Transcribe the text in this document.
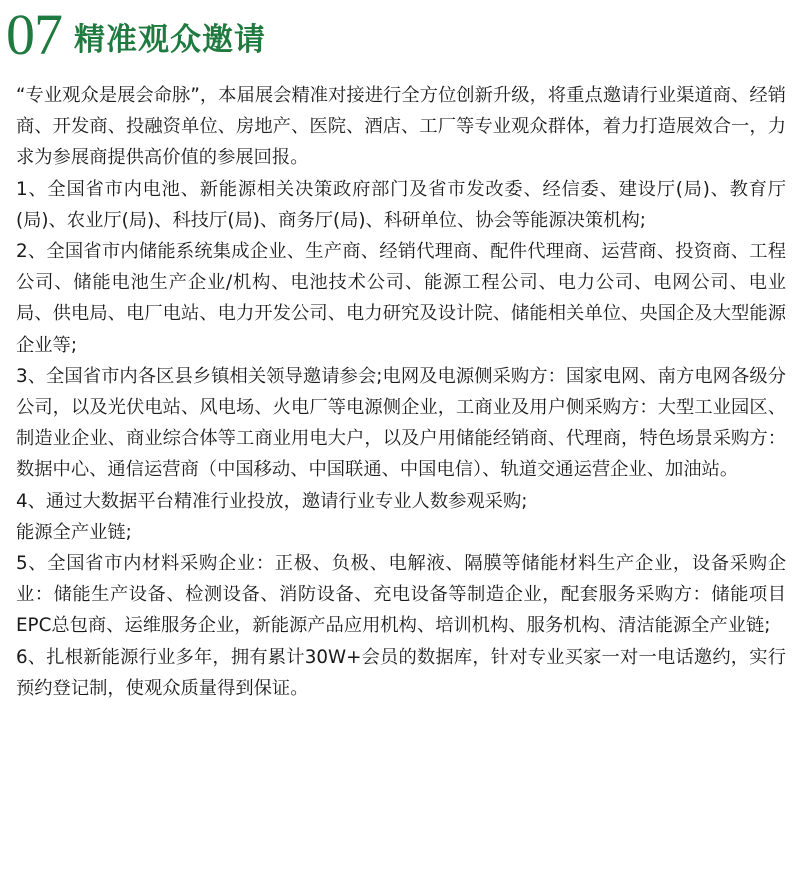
07 精准观众邀请

“专业观众是展会命脉”，本届展会精准对接进行全方位创新升级，将重点邀请行业渠道商、经销商、开发商、投融资单位、房地产、医院、酒店、工厂等专业观众群体，着力打造展效合一，力求为参展商提供高价值的参展回报。

1、全国省市内电池、新能源相关决策政府部门及省市发改委、经信委、建设厅(局)、教育厅(局)、农业厅(局)、科技厅(局)、商务厅(局)、科研单位、协会等能源决策机构;

2、全国省市内储能系统集成企业、生产商、经销代理商、配件代理商、运营商、投资商、工程公司、储能电池生产企业/机构、电池技术公司、能源工程公司、电力公司、电网公司、电业局、供电局、电厂电站、电力开发公司、电力研究及设计院、储能相关单位、央国企及大型能源企业等;

3、全国省市内各区县乡镇相关领导邀请参会;电网及电源侧采购方：国家电网、南方电网各级分公司，以及光伏电站、风电场、火电厂等电源侧企业，工商业及用户侧采购方：大型工业园区、制造业企业、商业综合体等工商业用电大户，以及户用储能经销商、代理商，特色场景采购方：数据中心、通信运营商（中国移动、中国联通、中国电信）、轨道交通运营企业、加油站。

4、通过大数据平台精准行业投放，邀请行业专业人数参观采购;

能源全产业链;

5、全国省市内材料采购企业：正极、负极、电解液、隔膜等储能材料生产企业，设备采购企业：储能生产设备、检测设备、消防设备、充电设备等制造企业，配套服务采购方：储能项目EPC总包商、运维服务企业，新能源产品应用机构、培训机构、服务机构、清洁能源全产业链;

6、扎根新能源行业多年，拥有累计30W+会员的数据库，针对专业买家一对一电话邀约，实行预约登记制，使观众质量得到保证。
